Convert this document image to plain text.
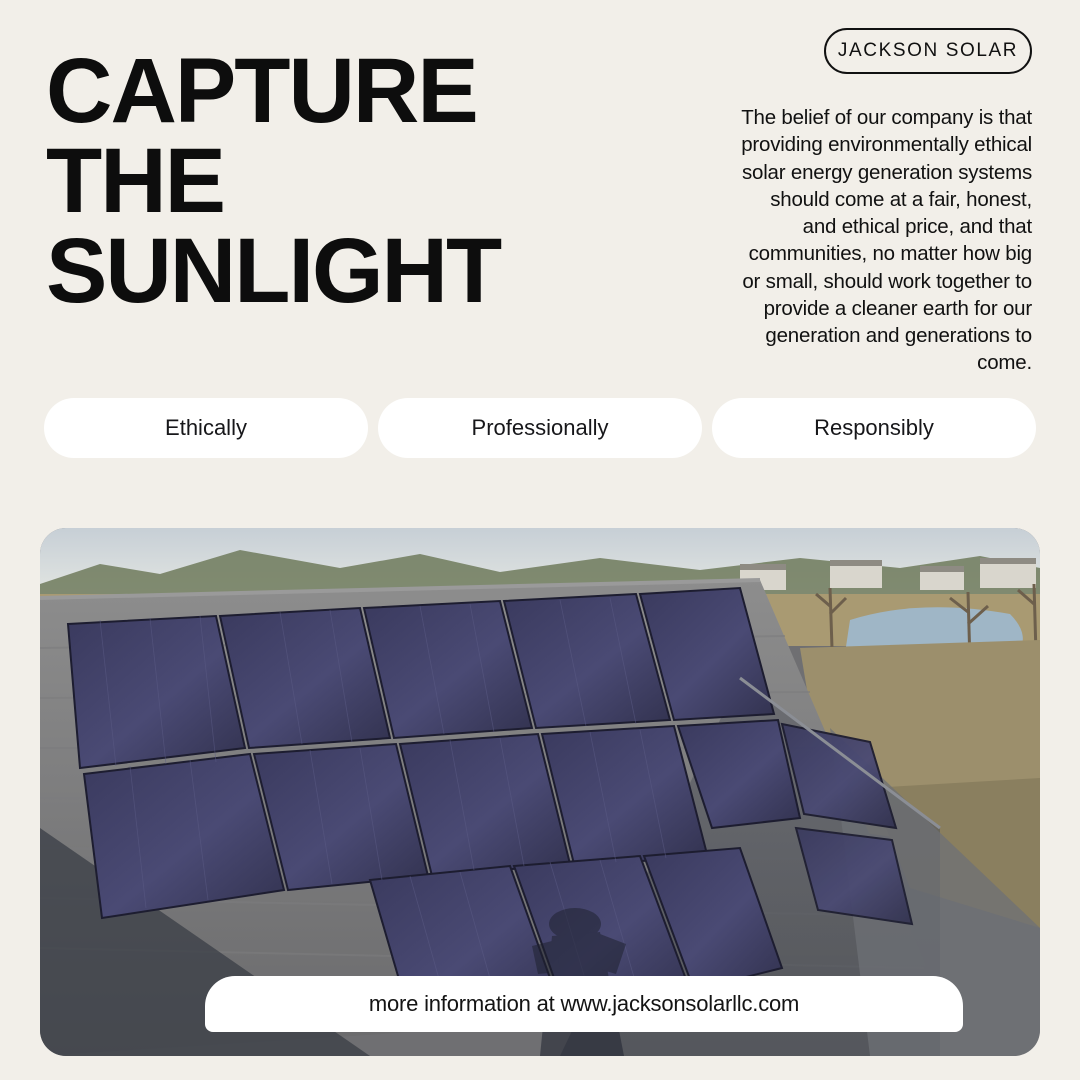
CAPTURE
THE
SUNLIGHT
JACKSON SOLAR

The belief of our company is that providing environmentally ethical solar energy generation systems should come at a fair, honest, and ethical price, and that communities, no matter how big or small, should work together to provide a cleaner earth for our generation and generations to come.

Ethically	Professionally	Responsibly
more information at www.jacksonsolarllc.com
